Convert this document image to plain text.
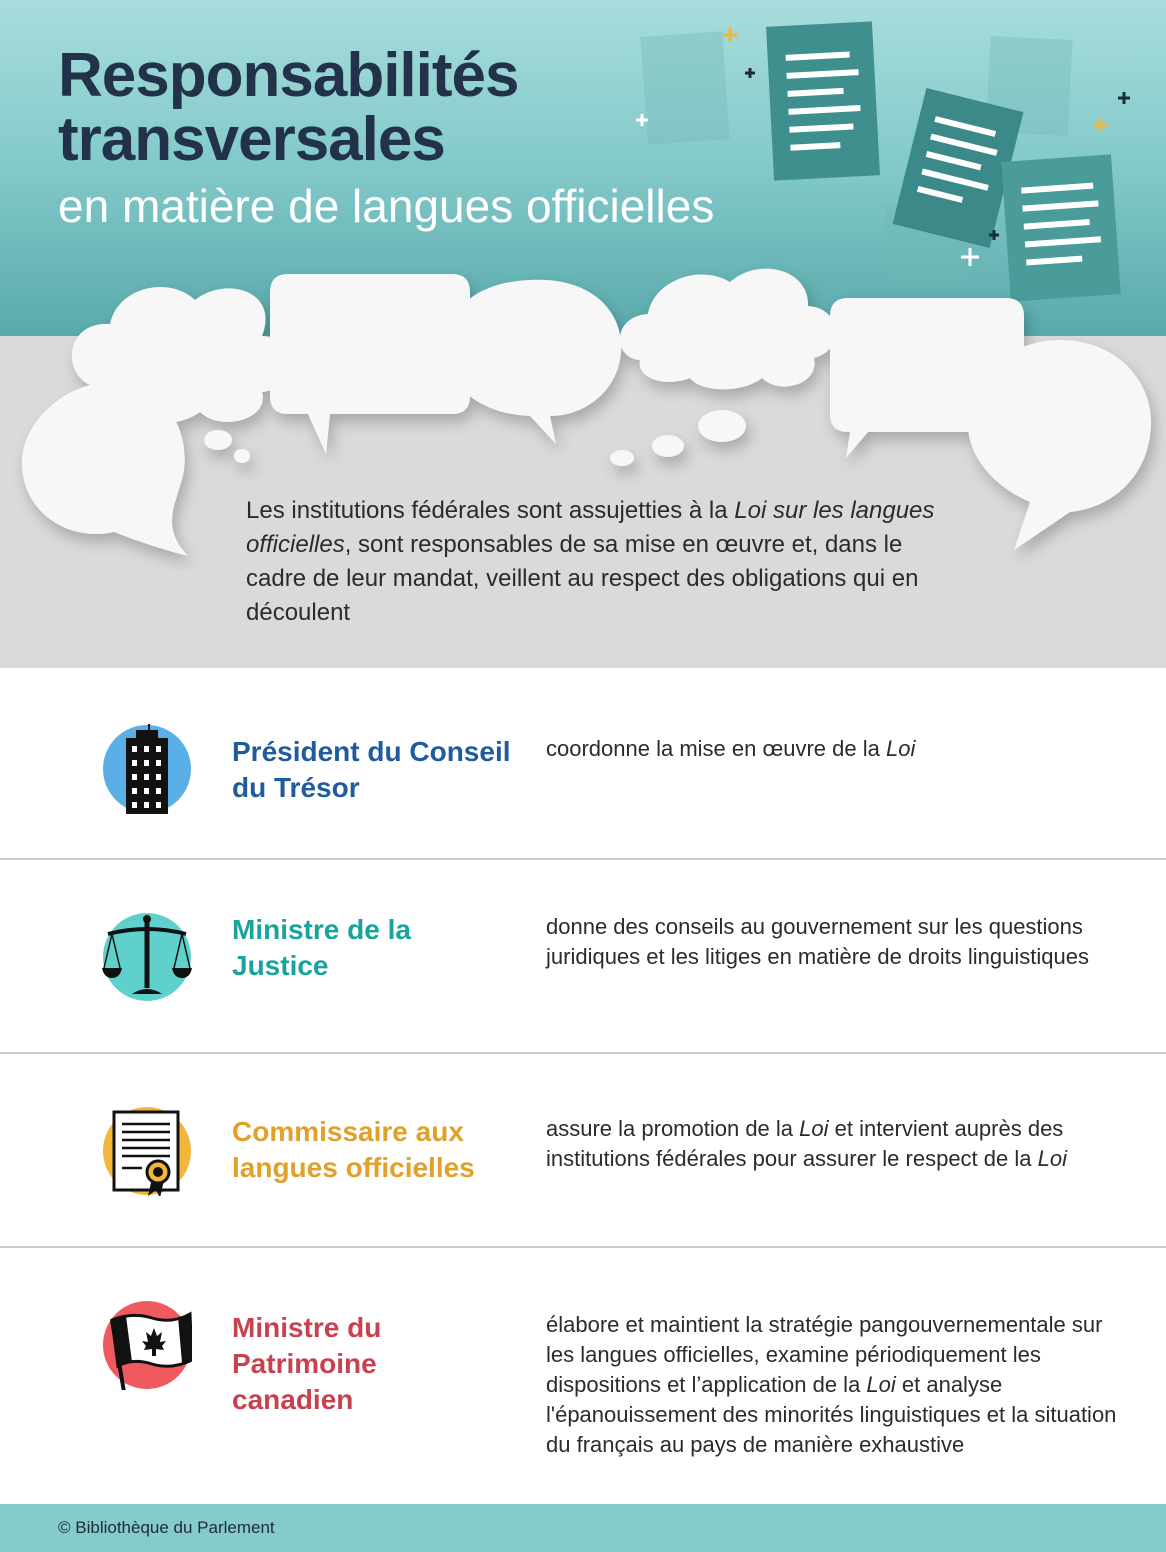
Responsabilités
transversales

en matière de langues officielles

Les institutions fédérales sont assujetties à la Loi sur les langues officielles, sont responsables de sa mise en œuvre et, dans le cadre de leur mandat, veillent au respect des obligations qui en découlent

Président du Conseil
du Trésor

coordonne la mise en œuvre de la Loi

Ministre de la
Justice

donne des conseils au gouvernement sur les questions juridiques et les litiges en matière de droits linguistiques

Commissaire aux
langues officielles

assure la promotion de la Loi et intervient auprès des institutions fédérales pour assurer le respect de la Loi

Ministre du Patrimoine
canadien

élabore et maintient la stratégie pangouvernementale sur les langues officielles, examine périodiquement les dispositions et l’application de la Loi et analyse l'épanouissement des minorités linguistiques et la situation du français au pays de manière exhaustive

© Bibliothèque du Parlement
